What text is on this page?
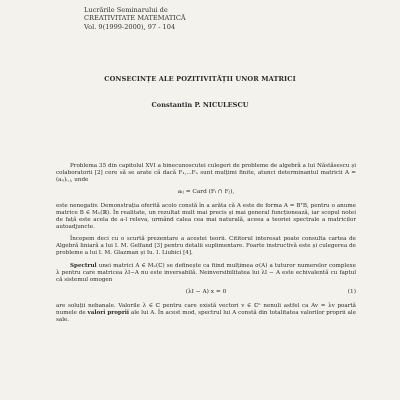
Lucrările Seminarului de
CREATIVITATE MATEMATICĂ
Vol. 9(1999-2000), 97 - 104
CONSECINȚE ALE POZITIVITĂȚII UNOR MATRICI
Constantin P. NICULESCU

Problema 35 din capitolul XVI a binecunoscutei culegeri de probleme de algebră a lui Năstăsescu și colaboratorii [2] cere să se arate că dacă F₁,...Fₙ sunt mulțimi finite, atunci determinantul matricii A = (aᵢⱼ)ᵢ,ⱼ, unde

aᵢⱼ = Card (Fᵢ ∩ Fⱼ),

este nenegativ. Demonstrația oferită acolo constă în a arăta că A este de forma A = BᵀB, pentru o anume matrice B ∈ Mₙ(ℝ). În realitate, un rezultat mult mai precis și mai general funcționează, iar scopul notei de față este acela de a-l releva, urmând calea cea mai naturală, aceea a teoriei spectrale a matricilor autoadjuncte.

Începem deci cu o scurtă prezentare a acestei teorii. Cititorul interesat poate consulta cartea de Algebră liniară a lui I. M. Gelfand [3] pentru detalii suplimentare. Foarte instructivă este și culegerea de probleme a lui I. M. Glazman și Iu. I. Liubici [4].

Spectrul unei matrici A ∈ Mₙ(ℂ) se definește ca fiind mulțimea σ(A) a tuturor numerelor complexe λ pentru care matricea λI−A nu este inversabilă. Neinversibilitatea lui λI − A este echivalentă cu faptul că sistemul omogen

(λI − A) x = 0	(1)

are soluții nebanale. Valorile λ ∈ ℂ pentru care există vectori v ∈ ℂⁿ nenuli astfel ca Av = λv poartă numele de valori proprii ale lui A. În acest mod, spectrul lui A constă din totalitatea valorilor proprii ale sale.
